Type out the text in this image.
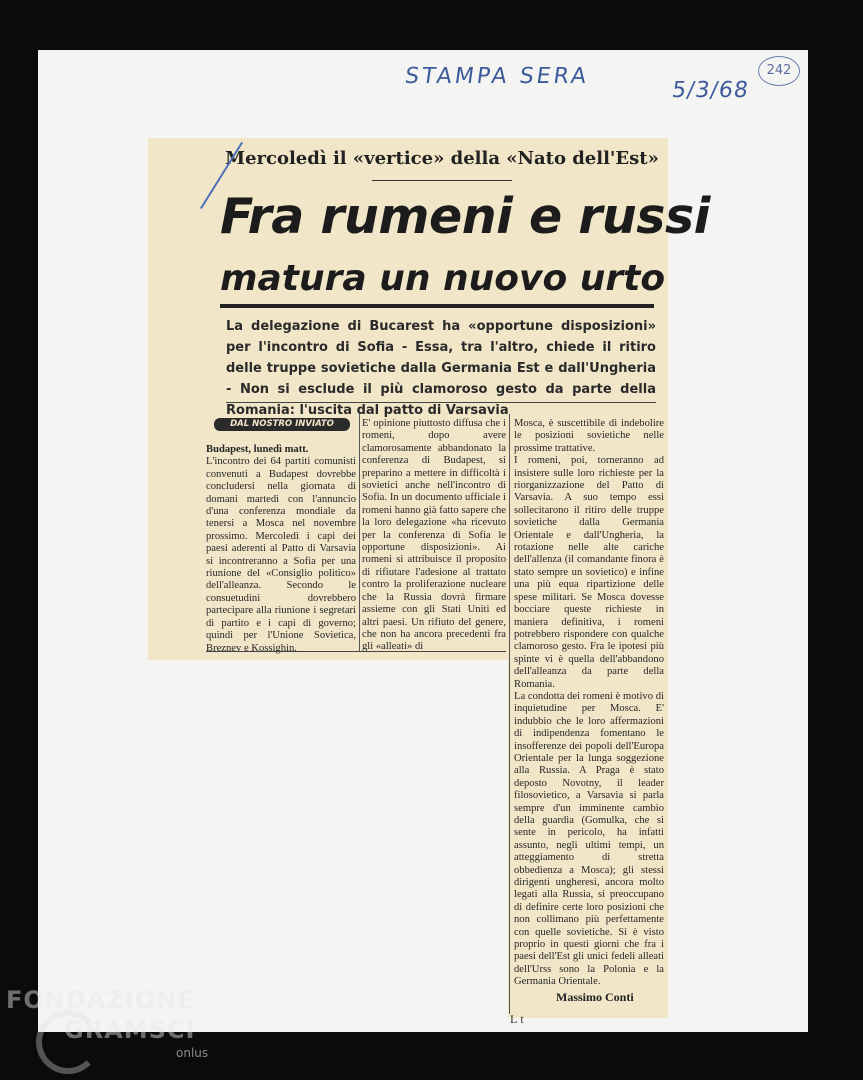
STAMPA SERA
5/3/68
242
Mercoledì il «vertice» della «Nato dell'Est»
Fra rumeni e russi
matura un nuovo urto
La delegazione di Bucarest ha «opportune disposizioni» per l'incontro di Sofia - Essa, tra l'altro, chiede il ritiro delle truppe sovietiche dalla Germania Est e dall'Ungheria - Non si esclude il più clamoroso gesto da parte della Romania: l'uscita dal patto di Varsavia
DAL NOSTRO INVIATO
Budapest, lunedì matt.
L'incontro dei 64 partiti comunisti convenuti a Budapest dovrebbe concludersi nella giornata di domani martedì con l'annuncio d'una conferenza mondiale da tenersi a Mosca nel novembre prossimo. Mercoledì i capi dei paesi aderenti al Patto di Varsavia si incontreranno a Sofia per una riunione del «Consiglio politico» dell'alleanza. Secondo le consuetudini dovrebbero partecipare alla riunione i segretari di partito e i capi di governo; quindi per l'Unione Sovietica, Breznev e Kossighin.
E' opinione piuttosto diffusa che i romeni, dopo avere clamorosamente abbandonato la conferenza di Budapest, si preparino a mettere in difficoltà i sovietici anche nell'incontro di Sofia. In un documento ufficiale i romeni hanno già fatto sapere che la loro delegazione «ha ricevuto per la conferenza di Sofia le opportune disposizioni». Ai romeni si attribuisce il proposito di rifiutare l'adesione al trattato contro la proliferazione nucleare che la Russia dovrà firmare assieme con gli Stati Uniti ed altri paesi. Un rifiuto del genere, che non ha ancora precedenti fra gli «alleati» di
Mosca, è suscettibile di indebolire le posizioni sovietiche nelle prossime trattative.
I romeni, poi, torneranno ad insistere sulle loro richieste per la riorganizzazione del Patto di Varsavia. A suo tempo essi sollecitarono il ritiro delle truppe sovietiche dalla Germania Orientale e dall'Ungheria, la rotazione nelle alte cariche dell'allenza (il comandante finora è stato sempre un sovietico) e infine una più equa ripartizione delle spese militari. Se Mosca dovesse bocciare queste richieste in maniera definitiva, i romeni potrebbero rispondere con qualche clamoroso gesto. Fra le ipotesi più spinte vi è quella dell'abbandono dell'alleanza da parte della Romania.
La condotta dei romeni è motivo di inquietudine per Mosca. E' indubbio che le loro affermazioni di indipendenza fomentano le insofferenze dei popoli dell'Europa Orientale per la lunga soggezione alla Russia. A Praga è stato deposto Novotny, il leader filosovietico, a Varsavia si parla sempre d'un imminente cambio della guardia (Gomulka, che si sente in pericolo, ha infatti assunto, negli ultimi tempi, un atteggiamento di stretta obbedienza a Mosca); gli stessi dirigenti ungheresi, ancora molto legati alla Russia, si preoccupano di definire certe loro posizioni che non collimano più perfettamente con quelle sovietiche. Si è visto proprio in questi giorni che fra i paesi dell'Est gli unici fedeli alleati dell'Urss sono la Polonia e la Germania Orientale.
Massimo Conti
Lt
FONDAZIONE
GRAMSCI
onlus
